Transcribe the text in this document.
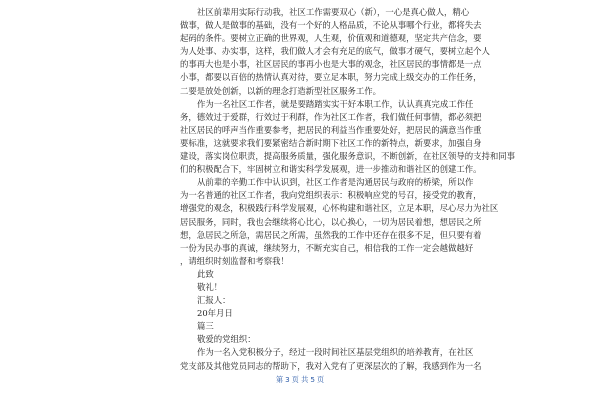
社区前辈用实际行动我，社区工作需要双心（新），一心是真心做人，精心
做事，做人是做事的基础，没有一个好的人格品质，不论从事哪个行业，都将失去
起码的条件。要树立正确的世界观，人生观，价值观和道德观，坚定共产信念，要
为人处事、办实事，这样，我们做人才会有充足的底气，做事才硬气，要树立起个人
的事再大也是小事，社区居民的事再小也是大事的观念，社区居民的事情都是一点
小事，都要以百倍的热情认真对待，要立足本职，努力完成上级交办的工作任务，
二要是放处创新，以新的理念打造新型社区服务工作。
作为一名社区工作者，就是要踏踏实实干好本职工作，认认真真完成工作任
务，德效过于爱群，行效过于利群，作为社区工作者，我们做任何事情，都必须把
社区居民的呼声当作重要参考，把居民的利益当作重要处好，把居民的满意当作重
要标准，这就要求我们要紧密结合新时期下社区工作的新特点，新要求，加强自身
建设，落实岗位职责，提高服务质量，强化服务意识，不断创新，在社区领导的支持和同事
们的积极配合下，牢固树立和谐实科学发展观，进一步推动和谐社区的创建工作。
从前辈的辛勤工作中认识到，社区工作者是沟通居民与政府的桥梁，所以作
为一名普通的社区工作者，我向党组织表示：积极响应党的号召，接受党的教育，
增强党的观念，积极践行科学发展观，心怀构建和谐社区，立足本职，尽心尽力为社区
居民服务，同时，我也会继续将心比心，以心换心，一切为居民着想，想居民之所
想，急居民之所急，需居民之所需，虽然我的工作中还存在很多不足，但只要有着
一份为民办事的真诚，继续努力，不断充实自己，相信我的工作一定会越做越好
，请组织时刻监督和考察我！
此致
敬礼！
汇报人：
20年月日
篇三
敬爱的党组织：
作为一名入党积极分子，经过一段时间社区基层党组织的培养教育，在社区
党支部及其他党员同志的帮助下，我对入党有了更深层次的了解，我感到作为一名
第 3 页 共 5 页
